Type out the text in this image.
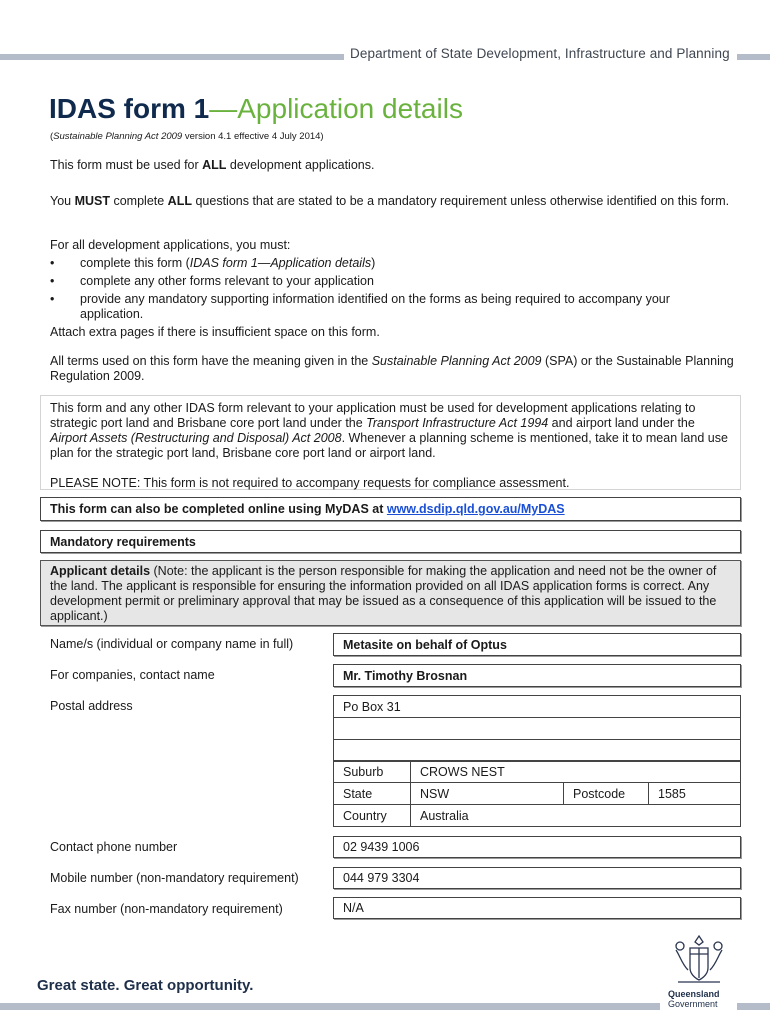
Department of State Development, Infrastructure and Planning
IDAS form 1—Application details
(Sustainable Planning Act 2009 version 4.1 effective 4 July 2014)
This form must be used for ALL development applications.
You MUST complete ALL questions that are stated to be a mandatory requirement unless otherwise identified on this form.
For all development applications, you must:
• complete this form (IDAS form 1—Application details)
• complete any other forms relevant to your application
• provide any mandatory supporting information identified on the forms as being required to accompany your application.
Attach extra pages if there is insufficient space on this form.
All terms used on this form have the meaning given in the Sustainable Planning Act 2009 (SPA) or the Sustainable Planning Regulation 2009.
This form and any other IDAS form relevant to your application must be used for development applications relating to strategic port land and Brisbane core port land under the Transport Infrastructure Act 1994 and airport land under the Airport Assets (Restructuring and Disposal) Act 2008. Whenever a planning scheme is mentioned, take it to mean land use plan for the strategic port land, Brisbane core port land or airport land.
PLEASE NOTE: This form is not required to accompany requests for compliance assessment.
This form can also be completed online using MyDAS at www.dsdip.qld.gov.au/MyDAS
Mandatory requirements
Applicant details (Note: the applicant is the person responsible for making the application and need not be the owner of the land. The applicant is responsible for ensuring the information provided on all IDAS application forms is correct. Any development permit or preliminary approval that may be issued as a consequence of this application will be issued to the applicant.)
Name/s (individual or company name in full)	Metasite on behalf of Optus
For companies, contact name	Mr. Timothy Brosnan
Postal address	Po Box 31
Suburb	CROWS NEST
State	NSW	Postcode	1585
Country	Australia
Contact phone number	02 9439 1006
Mobile number (non-mandatory requirement)	044 979 3304
Fax number (non-mandatory requirement)	N/A
Great state. Great opportunity.	Queensland
Government
